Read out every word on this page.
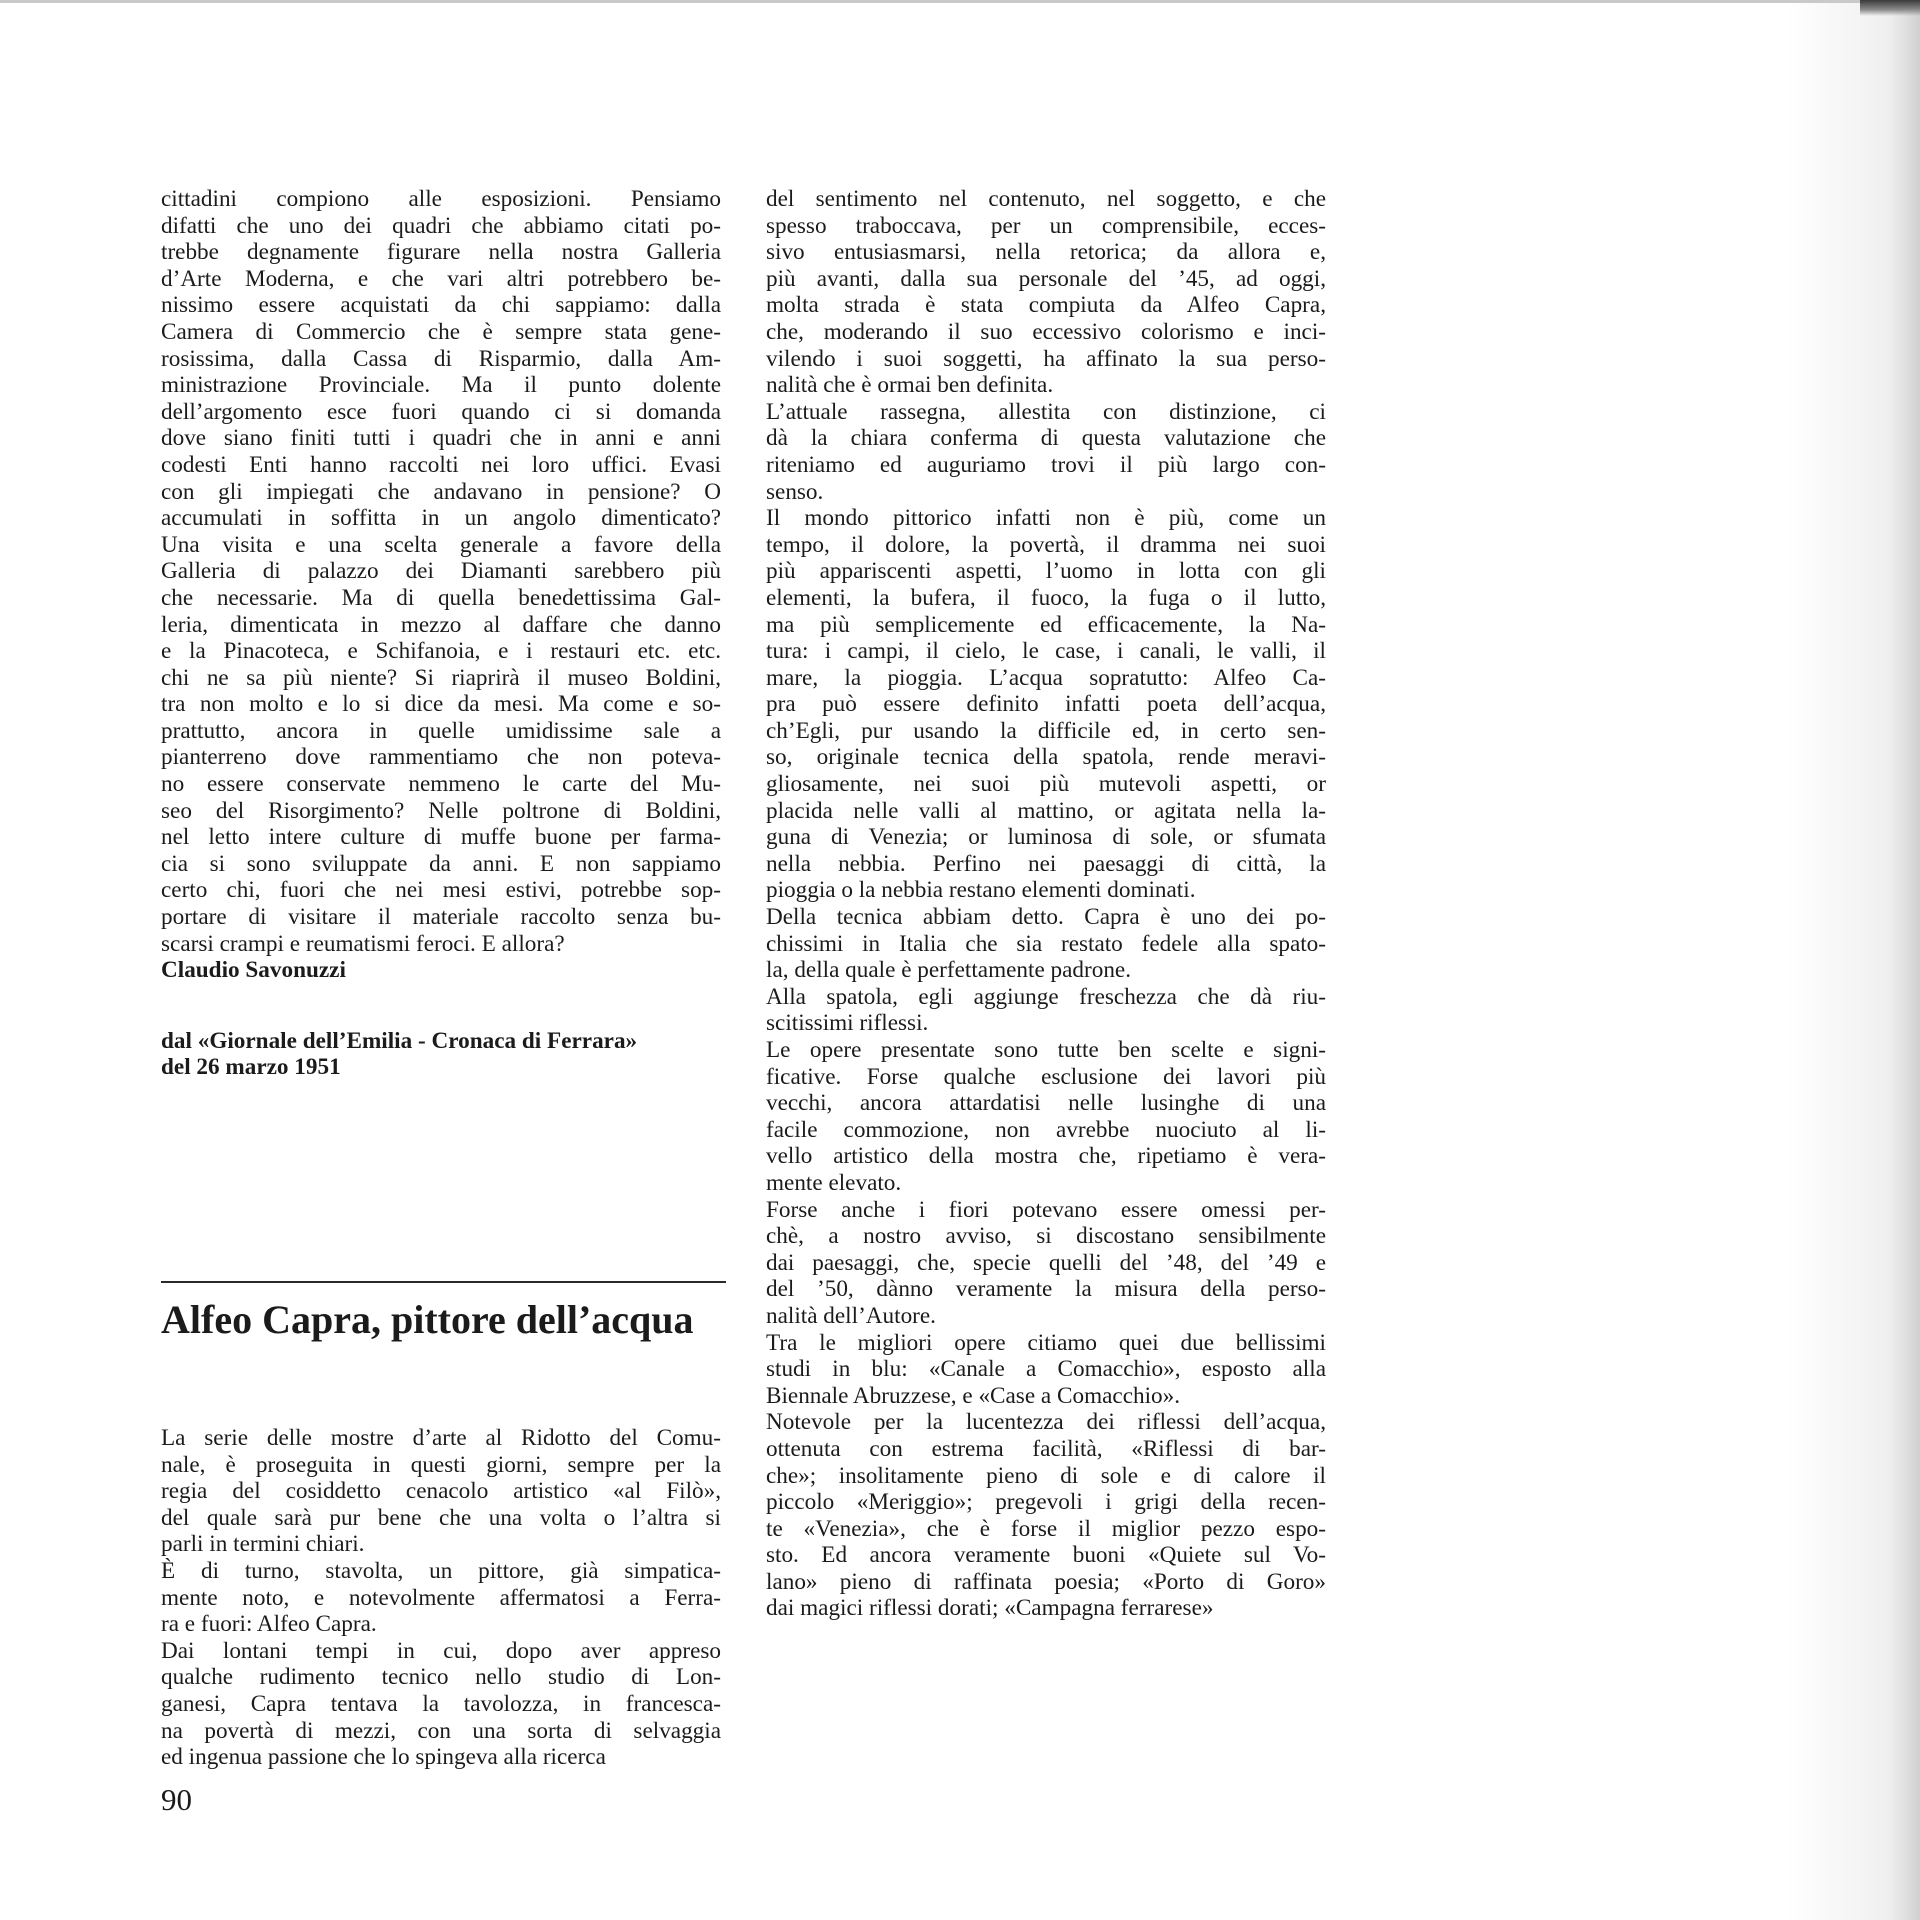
cittadini compiono alle esposizioni. Pensiamo
difatti che uno dei quadri che abbiamo citati po-
trebbe degnamente figurare nella nostra Galleria
d’Arte Moderna, e che vari altri potrebbero be-
nissimo essere acquistati da chi sappiamo: dalla
Camera di Commercio che è sempre stata gene-
rosissima, dalla Cassa di Risparmio, dalla Am-
ministrazione Provinciale. Ma il punto dolente
dell’argomento esce fuori quando ci si domanda
dove siano finiti tutti i quadri che in anni e anni
codesti Enti hanno raccolti nei loro uffici. Evasi
con gli impiegati che andavano in pensione? O
accumulati in soffitta in un angolo dimenticato?
Una visita e una scelta generale a favore della
Galleria di palazzo dei Diamanti sarebbero più
che necessarie. Ma di quella benedettissima Gal-
leria, dimenticata in mezzo al daffare che danno
e la Pinacoteca, e Schifanoia, e i restauri etc. etc.
chi ne sa più niente? Si riaprirà il museo Boldini,
tra non molto e lo si dice da mesi. Ma come e so-
prattutto, ancora in quelle umidissime sale a
pianterreno dove rammentiamo che non poteva-
no essere conservate nemmeno le carte del Mu-
seo del Risorgimento? Nelle poltrone di Boldini,
nel letto intere culture di muffe buone per farma-
cia si sono sviluppate da anni. E non sappiamo
certo chi, fuori che nei mesi estivi, potrebbe sop-
portare di visitare il materiale raccolto senza bu-
scarsi crampi e reumatismi feroci. E allora?
Claudio Savonuzzi
dal «Giornale dell’Emilia - Cronaca di Ferrara»
del 26 marzo 1951
Alfeo Capra, pittore dell’acqua
La serie delle mostre d’arte al Ridotto del Comu-
nale, è proseguita in questi giorni, sempre per la
regia del cosiddetto cenacolo artistico «al Filò»,
del quale sarà pur bene che una volta o l’altra si
parli in termini chiari.
È di turno, stavolta, un pittore, già simpatica-
mente noto, e notevolmente affermatosi a Ferra-
ra e fuori: Alfeo Capra.
Dai lontani tempi in cui, dopo aver appreso
qualche rudimento tecnico nello studio di Lon-
ganesi, Capra tentava la tavolozza, in francesca-
na povertà di mezzi, con una sorta di selvaggia
ed ingenua passione che lo spingeva alla ricerca
del sentimento nel contenuto, nel soggetto, e che
spesso traboccava, per un comprensibile, ecces-
sivo entusiasmarsi, nella retorica; da allora e,
più avanti, dalla sua personale del ’45, ad oggi,
molta strada è stata compiuta da Alfeo Capra,
che, moderando il suo eccessivo colorismo e inci-
vilendo i suoi soggetti, ha affinato la sua perso-
nalità che è ormai ben definita.
L’attuale rassegna, allestita con distinzione, ci
dà la chiara conferma di questa valutazione che
riteniamo ed auguriamo trovi il più largo con-
senso.
Il mondo pittorico infatti non è più, come un
tempo, il dolore, la povertà, il dramma nei suoi
più appariscenti aspetti, l’uomo in lotta con gli
elementi, la bufera, il fuoco, la fuga o il lutto,
ma più semplicemente ed efficacemente, la Na-
tura: i campi, il cielo, le case, i canali, le valli, il
mare, la pioggia. L’acqua sopratutto: Alfeo Ca-
pra può essere definito infatti poeta dell’acqua,
ch’Egli, pur usando la difficile ed, in certo sen-
so, originale tecnica della spatola, rende meravi-
gliosamente, nei suoi più mutevoli aspetti, or
placida nelle valli al mattino, or agitata nella la-
guna di Venezia; or luminosa di sole, or sfumata
nella nebbia. Perfino nei paesaggi di città, la
pioggia o la nebbia restano elementi dominati.
Della tecnica abbiam detto. Capra è uno dei po-
chissimi in Italia che sia restato fedele alla spato-
la, della quale è perfettamente padrone.
Alla spatola, egli aggiunge freschezza che dà riu-
scitissimi riflessi.
Le opere presentate sono tutte ben scelte e signi-
ficative. Forse qualche esclusione dei lavori più
vecchi, ancora attardatisi nelle lusinghe di una
facile commozione, non avrebbe nuociuto al li-
vello artistico della mostra che, ripetiamo è vera-
mente elevato.
Forse anche i fiori potevano essere omessi per-
chè, a nostro avviso, si discostano sensibilmente
dai paesaggi, che, specie quelli del ’48, del ’49 e
del ’50, dànno veramente la misura della perso-
nalità dell’Autore.
Tra le migliori opere citiamo quei due bellissimi
studi in blu: «Canale a Comacchio», esposto alla
Biennale Abruzzese, e «Case a Comacchio».
Notevole per la lucentezza dei riflessi dell’acqua,
ottenuta con estrema facilità, «Riflessi di bar-
che»; insolitamente pieno di sole e di calore il
piccolo «Meriggio»; pregevoli i grigi della recen-
te «Venezia», che è forse il miglior pezzo espo-
sto. Ed ancora veramente buoni «Quiete sul Vo-
lano» pieno di raffinata poesia; «Porto di Goro»
dai magici riflessi dorati; «Campagna ferrarese»
90
